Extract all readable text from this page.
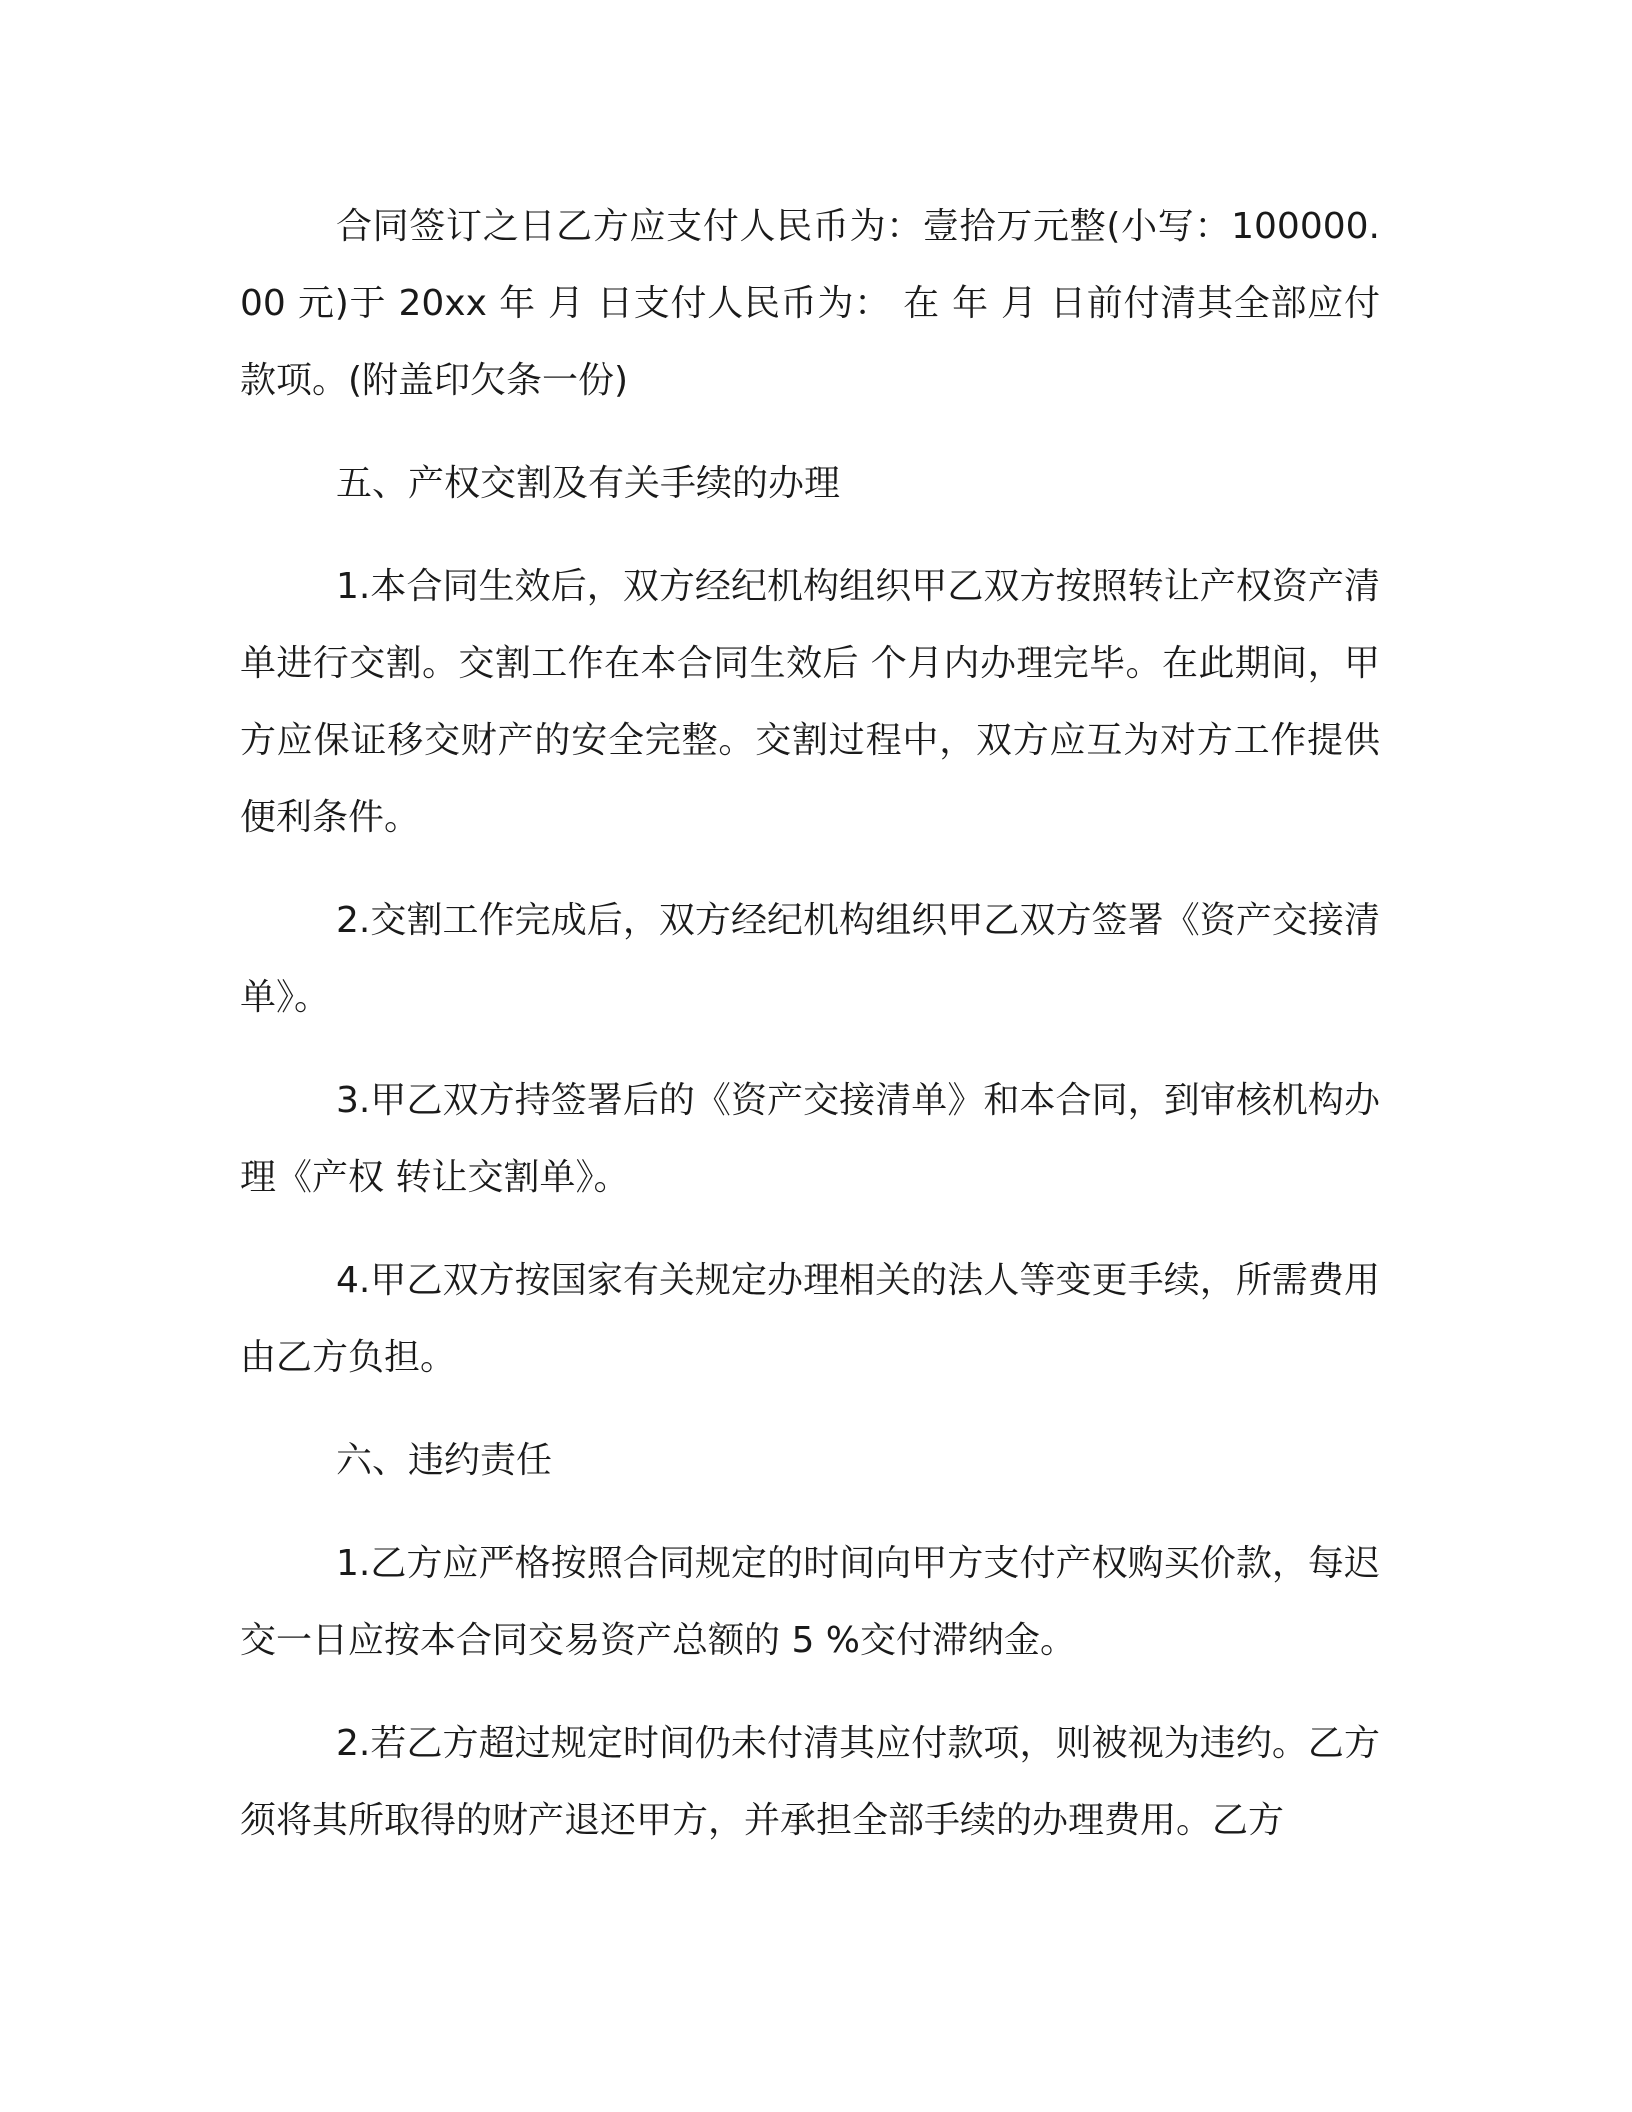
合同签订之日乙方应支付人民币为：壹拾万元整(小写：100000.00 元)于 20xx 年 月 日支付人民币为： 在 年 月 日前付清其全部应付款项。(附盖印欠条一份)

五、产权交割及有关手续的办理

1.本合同生效后，双方经纪机构组织甲乙双方按照转让产权资产清单进行交割。交割工作在本合同生效后 个月内办理完毕。在此期间，甲方应保证移交财产的安全完整。交割过程中，双方应互为对方工作提供便利条件。

2.交割工作完成后，双方经纪机构组织甲乙双方签署《资产交接清单》。

3.甲乙双方持签署后的《资产交接清单》和本合同，到审核机构办理《产权 转让交割单》。

4.甲乙双方按国家有关规定办理相关的法人等变更手续，所需费用由乙方负担。

六、违约责任

1.乙方应严格按照合同规定的时间向甲方支付产权购买价款，每迟交一日应按本合同交易资产总额的 5 %交付滞纳金。

2.若乙方超过规定时间仍未付清其应付款项，则被视为违约。乙方须将其所取得的财产退还甲方，并承担全部手续的办理费用。乙方
